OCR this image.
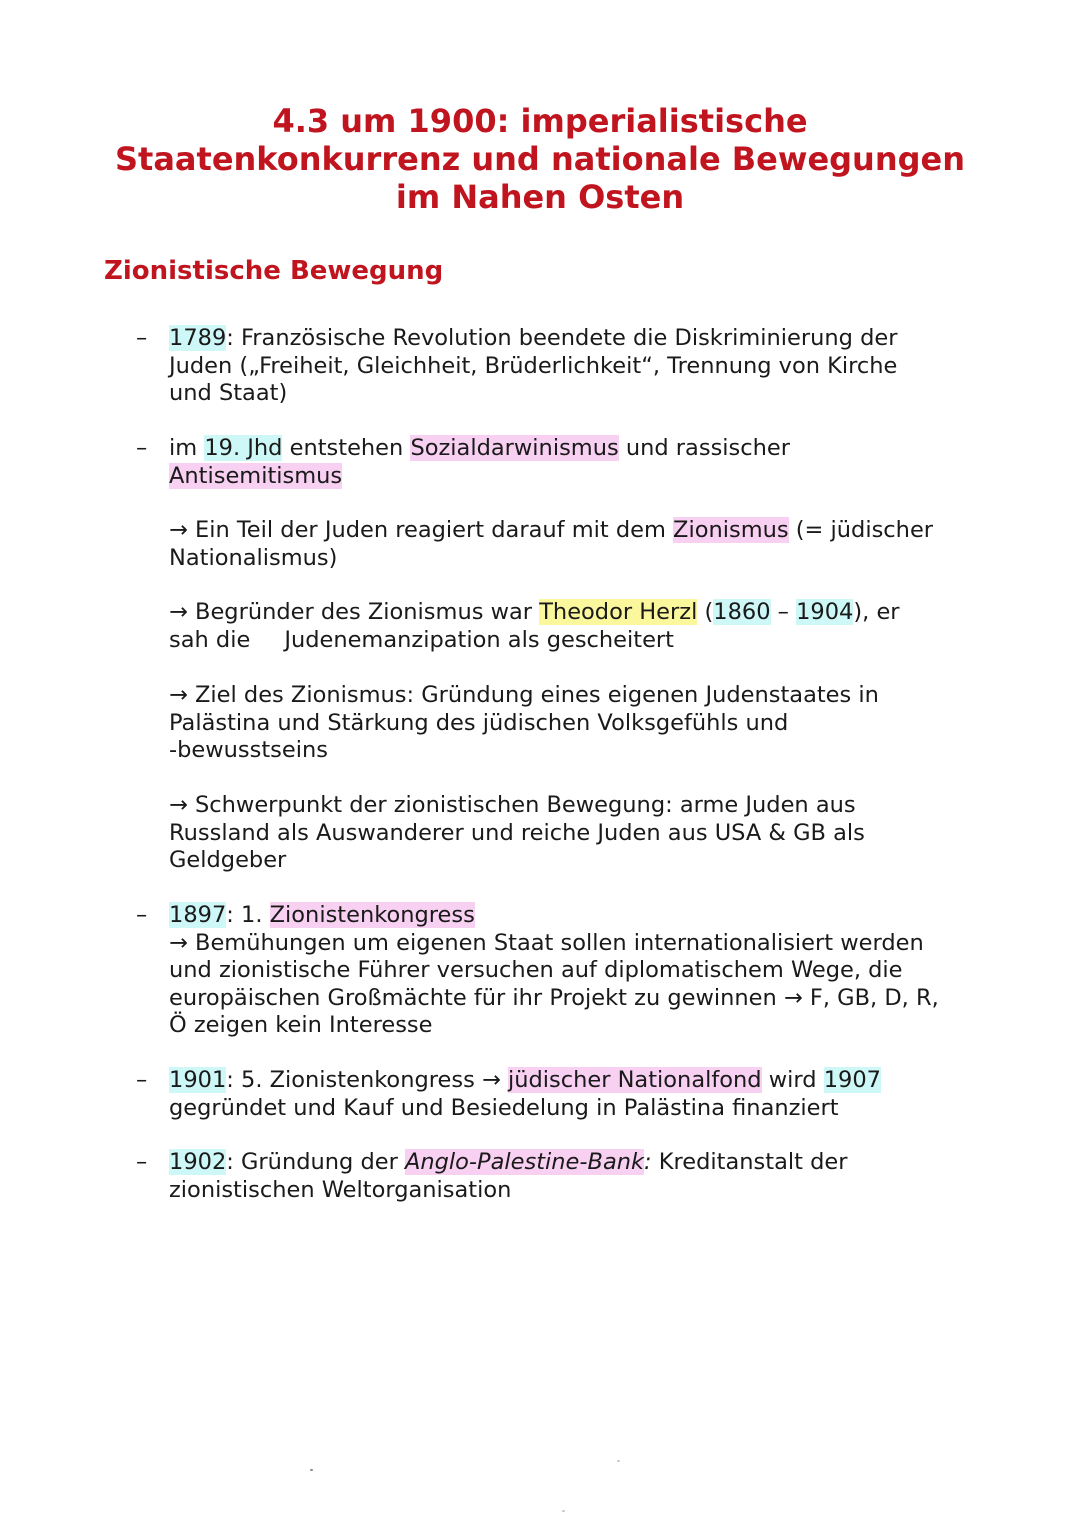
4.3 um 1900: imperialistische
Staatenkonkurrenz und nationale Bewegungen
im Nahen Osten
Zionistische Bewegung
– 1789: Französische Revolution beendete die Diskriminierung der
Juden („Freiheit, Gleichheit, Brüderlichkeit“, Trennung von Kirche
und Staat)

– im 19. Jhd entstehen Sozialdarwinismus und rassischer
Antisemitismus

→ Ein Teil der Juden reagiert darauf mit dem Zionismus (= jüdischer
Nationalismus)

→ Begründer des Zionismus war Theodor Herzl (1860 – 1904), er
sah die Judenemanzipation als gescheitert

→ Ziel des Zionismus: Gründung eines eigenen Judenstaates in
Palästina und Stärkung des jüdischen Volksgefühls und
-bewusstseins

→ Schwerpunkt der zionistischen Bewegung: arme Juden aus
Russland als Auswanderer und reiche Juden aus USA & GB als
Geldgeber

– 1897: 1. Zionistenkongress
→ Bemühungen um eigenen Staat sollen internationalisiert werden
und zionistische Führer versuchen auf diplomatischem Wege, die
europäischen Großmächte für ihr Projekt zu gewinnen → F, GB, D, R,
Ö zeigen kein Interesse

– 1901: 5. Zionistenkongress → jüdischer Nationalfond wird 1907
gegründet und Kauf und Besiedelung in Palästina finanziert

– 1902: Gründung der Anglo-Palestine-Bank: Kreditanstalt der
zionistischen Weltorganisation
